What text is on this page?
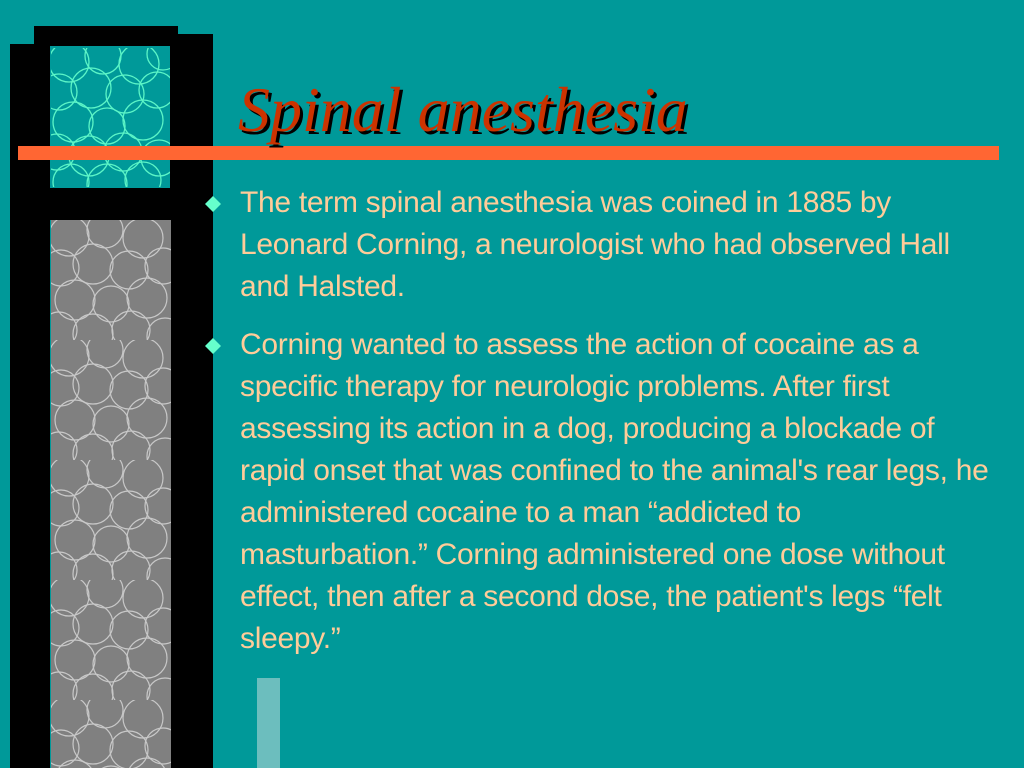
Spinal anesthesia
The term spinal anesthesia was coined in 1885 by Leonard Corning, a neurologist who had observed Hall and Halsted.
Corning wanted to assess the action of cocaine as a specific therapy for neurologic problems. After first assessing its action in a dog, producing a blockade of rapid onset that was confined to the animal's rear legs, he administered cocaine to a man “addicted to masturbation.” Corning administered one dose without effect, then after a second dose, the patient's legs “felt sleepy.”
